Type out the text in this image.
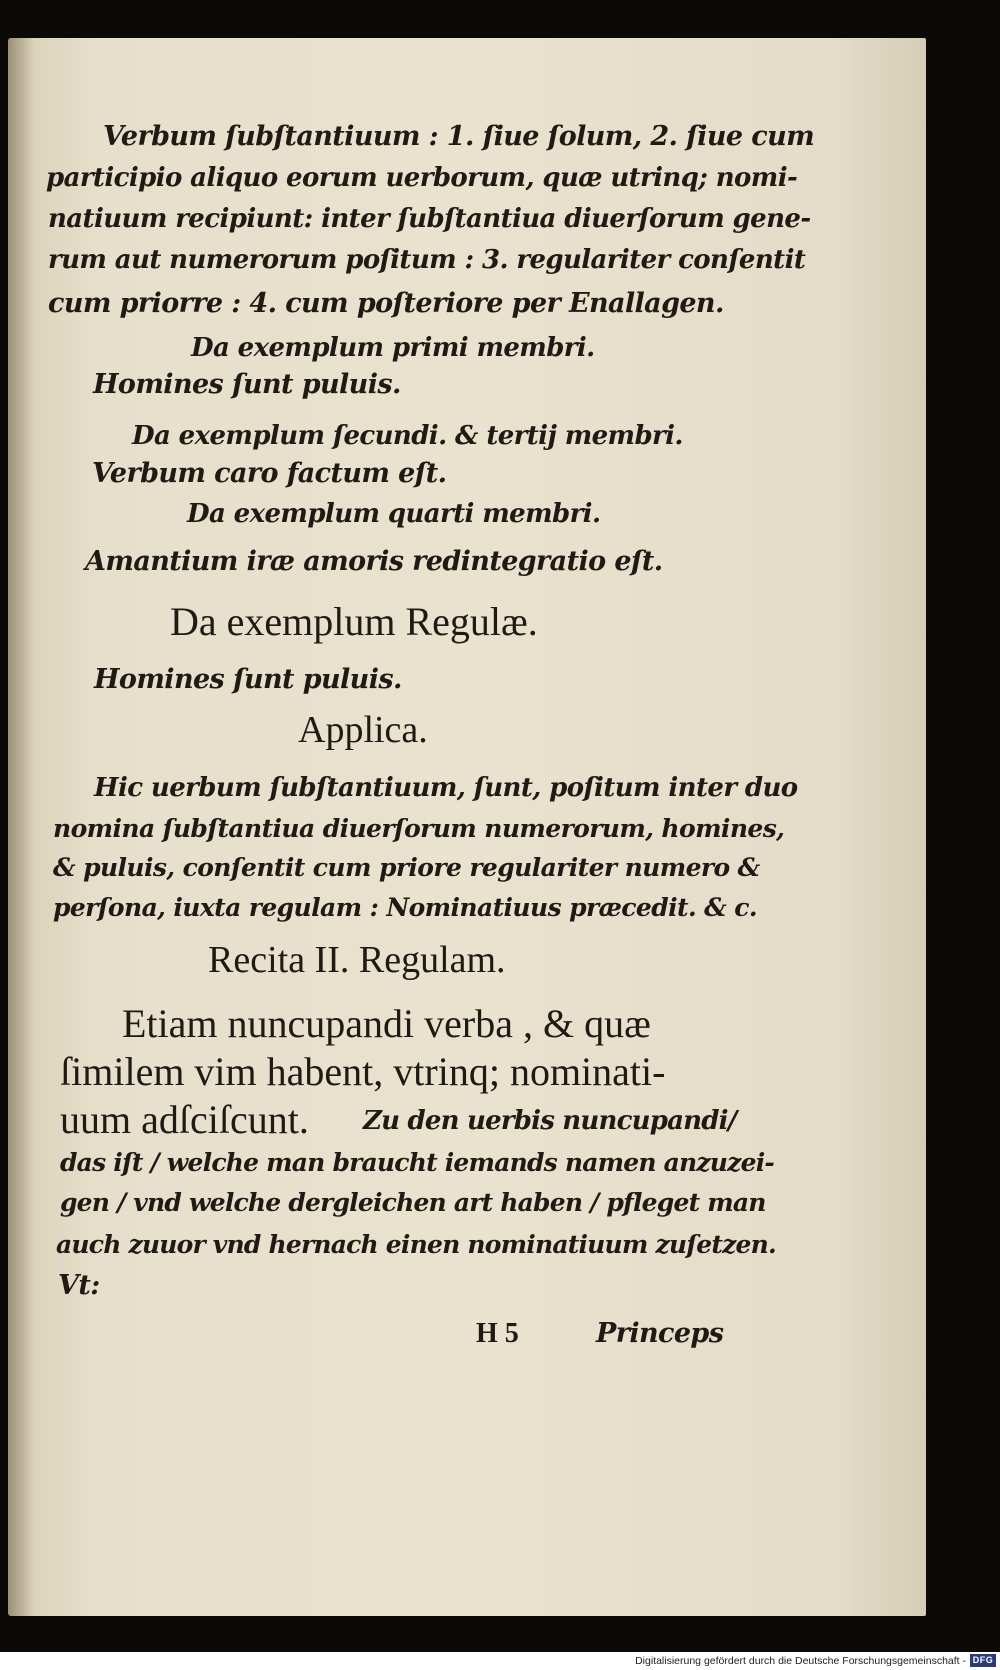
Verbum ſubſtantiuum : 1. ſiue ſolum, 2. ſiue cum

participio aliquo eorum uerborum, quæ utrinq; nomi-

natiuum recipiunt: inter ſubſtantiua diuerſorum gene-

rum aut numerorum poſitum : 3. regulariter conſentit

cum priorre : 4. cum poſteriore per Enallagen.

Da exemplum primi membri.

Homines ſunt puluis.

Da exemplum ſecundi. & tertij membri.

Verbum caro factum eſt.

Da exemplum quarti membri.

Amantium iræ amoris redintegratio eſt.

Da exemplum Regulæ.

Homines ſunt puluis.

Applica.

Hic uerbum ſubſtantiuum, ſunt, poſitum inter duo

nomina ſubſtantiua diuerſorum numerorum, homines,

& puluis, conſentit cum priore regulariter numero &

perſona, iuxta regulam : Nominatiuus præcedit. & c.

Recita II. Regulam.

Etiam nuncupandi verba , & quæ

ſimilem vim habent, vtrinq; nominati-

uum adſciſcunt. Zu den uerbis nuncupandi/

das iſt / welche man braucht iemands namen anzuzei-

gen / vnd welche dergleichen art haben / pfleget man

auch zuuor vnd hernach einen nominatiuum zuſetzen.

Vt:

H 5	Princeps

Digitalisierung gefördert durch die Deutsche Forschungsgemeinschaft - DFG
